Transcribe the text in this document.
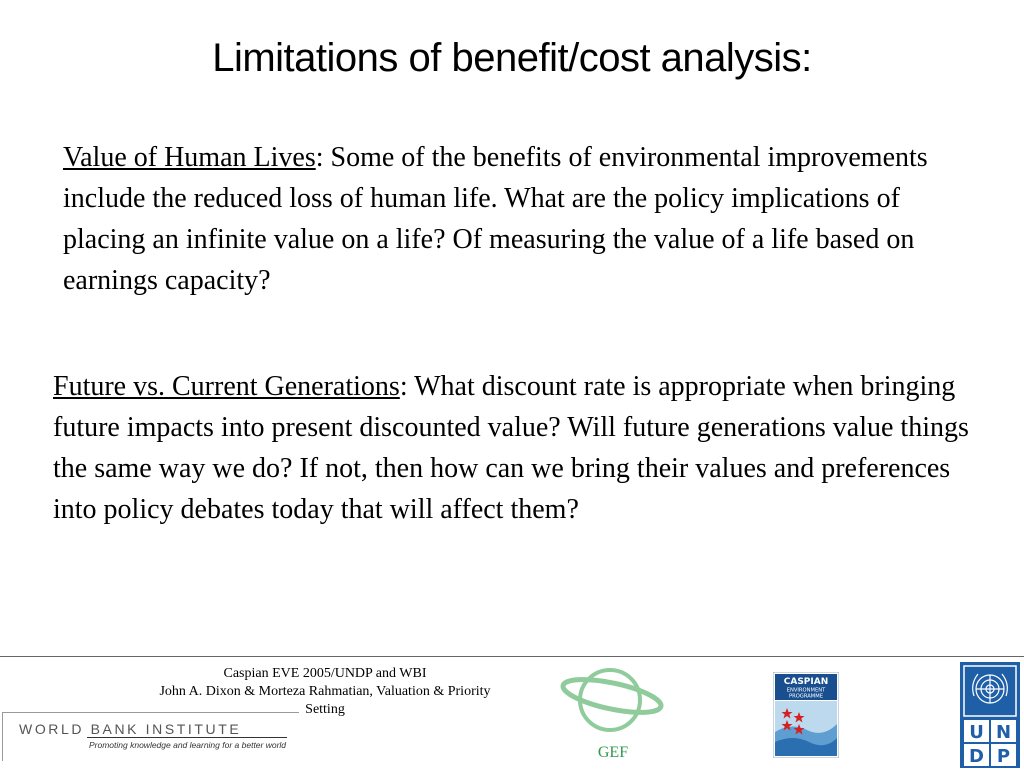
Limitations of benefit/cost analysis:

Value of Human Lives: Some of the benefits of environmental improvements include the reduced loss of human life. What are the policy implications of placing an infinite value on a life? Of measuring the value of a life based on earnings capacity?

Future vs. Current Generations: What discount rate is appropriate when bringing future impacts into present discounted value? Will future generations value things the same way we do? If not, then how can we bring their values and preferences into policy debates today that will affect them?

Caspian EVE 2005/UNDP and WBI
John A. Dixon & Morteza Rahmatian, Valuation & Priority
Setting
WORLD BANK INSTITUTE
Promoting knowledge and learning for a better world	GEF
CASPIAN
ENVIRONMENT
PROGRAMME
U N
D P
